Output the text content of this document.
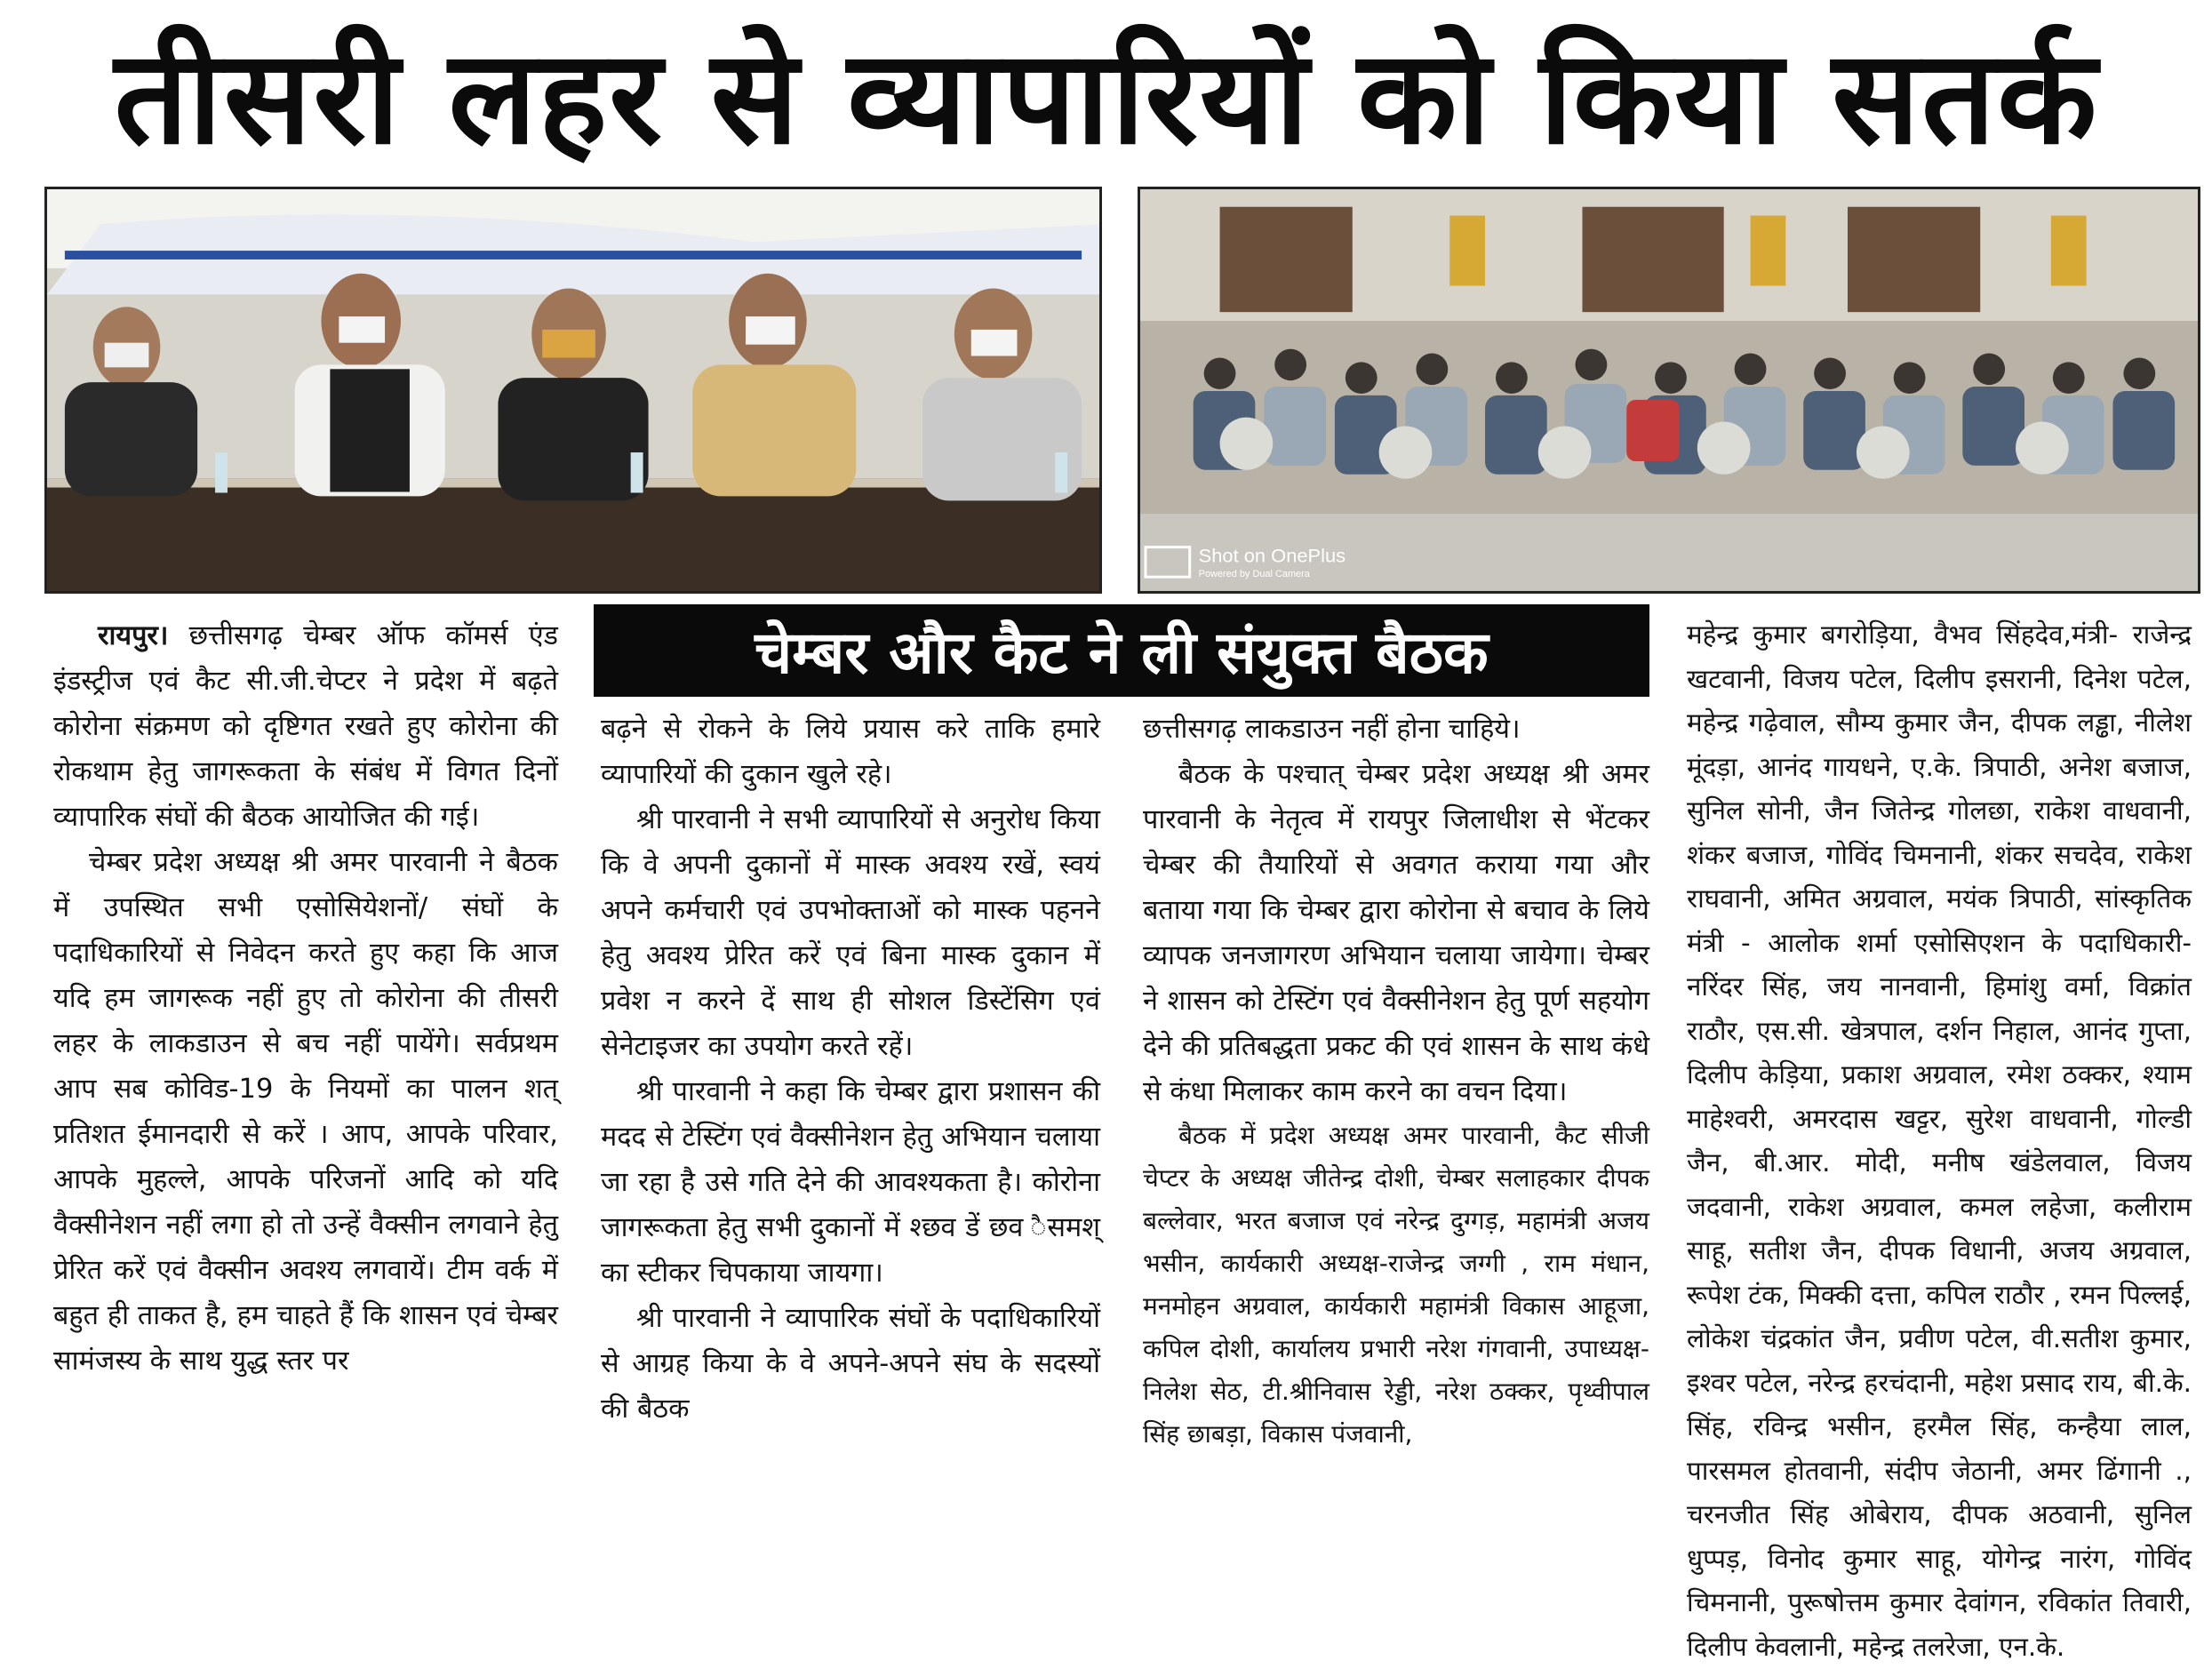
तीसरी लहर से व्यापारियों को किया सतर्क
Shot on OnePlus
Powered by Dual Camera
चेम्बर और कैट ने ली संयुक्त बैठक

रायपुर। छत्तीसगढ़ चेम्बर ऑफ कॉमर्स एंड इंडस्ट्रीज एवं कैट सी.जी.चेप्टर ने प्रदेश में बढ़ते कोरोना संक्रमण को दृष्टिगत रखते हुए कोरोना की रोकथाम हेतु जागरूकता के संबंध में विगत दिनों व्यापारिक संघों की बैठक आयोजित की गई।

चेम्बर प्रदेश अध्यक्ष श्री अमर पारवानी ने बैठक में उपस्थित सभी एसोसियेशनों/ संघों के पदाधिकारियों से निवेदन करते हुए कहा कि आज यदि हम जागरूक नहीं हुए तो कोरोना की तीसरी लहर के लाकडाउन से बच नहीं पायेंगे। सर्वप्रथम आप सब कोविड-19 के नियमों का पालन शत् प्रतिशत ईमानदारी से करें । आप, आपके परिवार, आपके मुहल्ले, आपके परिजनों आदि को यदि वैक्सीनेशन नहीं लगा हो तो उन्हें वैक्सीन लगवाने हेतु प्रेरित करें एवं वैक्सीन अवश्य लगवायें। टीम वर्क में बहुत ही ताकत है, हम चाहते हैं कि शासन एवं चेम्बर सामंजस्य के साथ युद्ध स्तर पर

बढ़ने से रोकने के लिये प्रयास करे ताकि हमारे व्यापारियों की दुकान खुले रहे।

श्री पारवानी ने सभी व्यापारियों से अनुरोध किया कि वे अपनी दुकानों में मास्क अवश्य रखें, स्वयं अपने कर्मचारी एवं उपभोक्ताओं को मास्क पहनने हेतु अवश्य प्रेरित करें एवं बिना मास्क दुकान में प्रवेश न करने दें साथ ही सोशल डिस्टेंसिग एवं सेनेटाइजर का उपयोग करते रहें।

श्री पारवानी ने कहा कि चेम्बर द्वारा प्रशासन की मदद से टेस्टिंग एवं वैक्सीनेशन हेतु अभियान चलाया जा रहा है उसे गति देने की आवश्यकता है। कोरोना जागरूकता हेतु सभी दुकानों में श्छव डें छव ैसमश् का स्टीकर चिपकाया जायगा।

श्री पारवानी ने व्यापारिक संघों के पदाधिकारियों से आग्रह किया के वे अपने-अपने संघ के सदस्यों की बैठक

छत्तीसगढ़ लाकडाउन नहीं होना चाहिये।

बैठक के पश्चात् चेम्बर प्रदेश अध्यक्ष श्री अमर पारवानी के नेतृत्व में रायपुर जिलाधीश से भेंटकर चेम्बर की तैयारियों से अवगत कराया गया और बताया गया कि चेम्बर द्वारा कोरोना से बचाव के लिये व्यापक जनजागरण अभियान चलाया जायेगा। चेम्बर ने शासन को टेस्टिंग एवं वैक्सीनेशन हेतु पूर्ण सहयोग देने की प्रतिबद्धता प्रकट की एवं शासन के साथ कंधे से कंधा मिलाकर काम करने का वचन दिया।

बैठक में प्रदेश अध्यक्ष अमर पारवानी, कैट सीजी चेप्टर के अध्यक्ष जीतेन्द्र दोशी, चेम्बर सलाहकार दीपक बल्लेवार, भरत बजाज एवं नरेन्द्र दुग्गड़, महामंत्री अजय भसीन, कार्यकारी अध्यक्ष-राजेन्द्र जग्गी , राम मंधान, मनमोहन अग्रवाल, कार्यकारी महामंत्री विकास आहूजा, कपिल दोशी, कार्यालय प्रभारी नरेश गंगवानी, उपाध्यक्ष-निलेश सेठ, टी.श्रीनिवास रेड्डी, नरेश ठक्कर, पृथ्वीपाल सिंह छाबड़ा, विकास पंजवानी,

महेन्द्र कुमार बगरोड़िया, वैभव सिंहदेव,मंत्री- राजेन्द्र खटवानी, विजय पटेल, दिलीप इसरानी, दिनेश पटेल, महेन्द्र गढ़ेवाल, सौम्य कुमार जैन, दीपक लड्ढा, नीलेश मूंदड़ा, आनंद गायधने, ए.के. त्रिपाठी, अनेश बजाज, सुनिल सोनी, जैन जितेन्द्र गोलछा, राकेश वाधवानी, शंकर बजाज, गोविंद चिमनानी, शंकर सचदेव, राकेश राघवानी, अमित अग्रवाल, मयंक त्रिपाठी, सांस्कृतिक मंत्री - आलोक शर्मा एसोसिएशन के पदाधिकारी- नरिंदर सिंह, जय नानवानी, हिमांशु वर्मा, विक्रांत राठौर, एस.सी. खेत्रपाल, दर्शन निहाल, आनंद गुप्ता, दिलीप केड़िया, प्रकाश अग्रवाल, रमेश ठक्कर, श्याम माहेश्वरी, अमरदास खट्टर, सुरेश वाधवानी, गोल्डी जैन, बी.आर. मोदी, मनीष खंडेलवाल, विजय जदवानी, राकेश अग्रवाल, कमल लहेजा, कलीराम साहू, सतीश जैन, दीपक विधानी, अजय अग्रवाल, रूपेश टंक, मिक्की दत्ता, कपिल राठौर , रमन पिल्लई, लोकेश चंद्रकांत जैन, प्रवीण पटेल, वी.सतीश कुमार, इश्वर पटेल, नरेन्द्र हरचंदानी, महेश प्रसाद राय, बी.के. सिंह, रविन्द्र भसीन, हरमैल सिंह, कन्हैया लाल, पारसमल होतवानी, संदीप जेठानी, अमर ढिंगानी ., चरनजीत सिंह ओबेराय, दीपक अठवानी, सुनिल धुप्पड़, विनोद कुमार साहू, योगेन्द्र नारंग, गोविंद चिमनानी, पुरूषोत्तम कुमार देवांगन, रविकांत तिवारी, दिलीप केवलानी, महेन्द्र तलरेजा, एन.के.
